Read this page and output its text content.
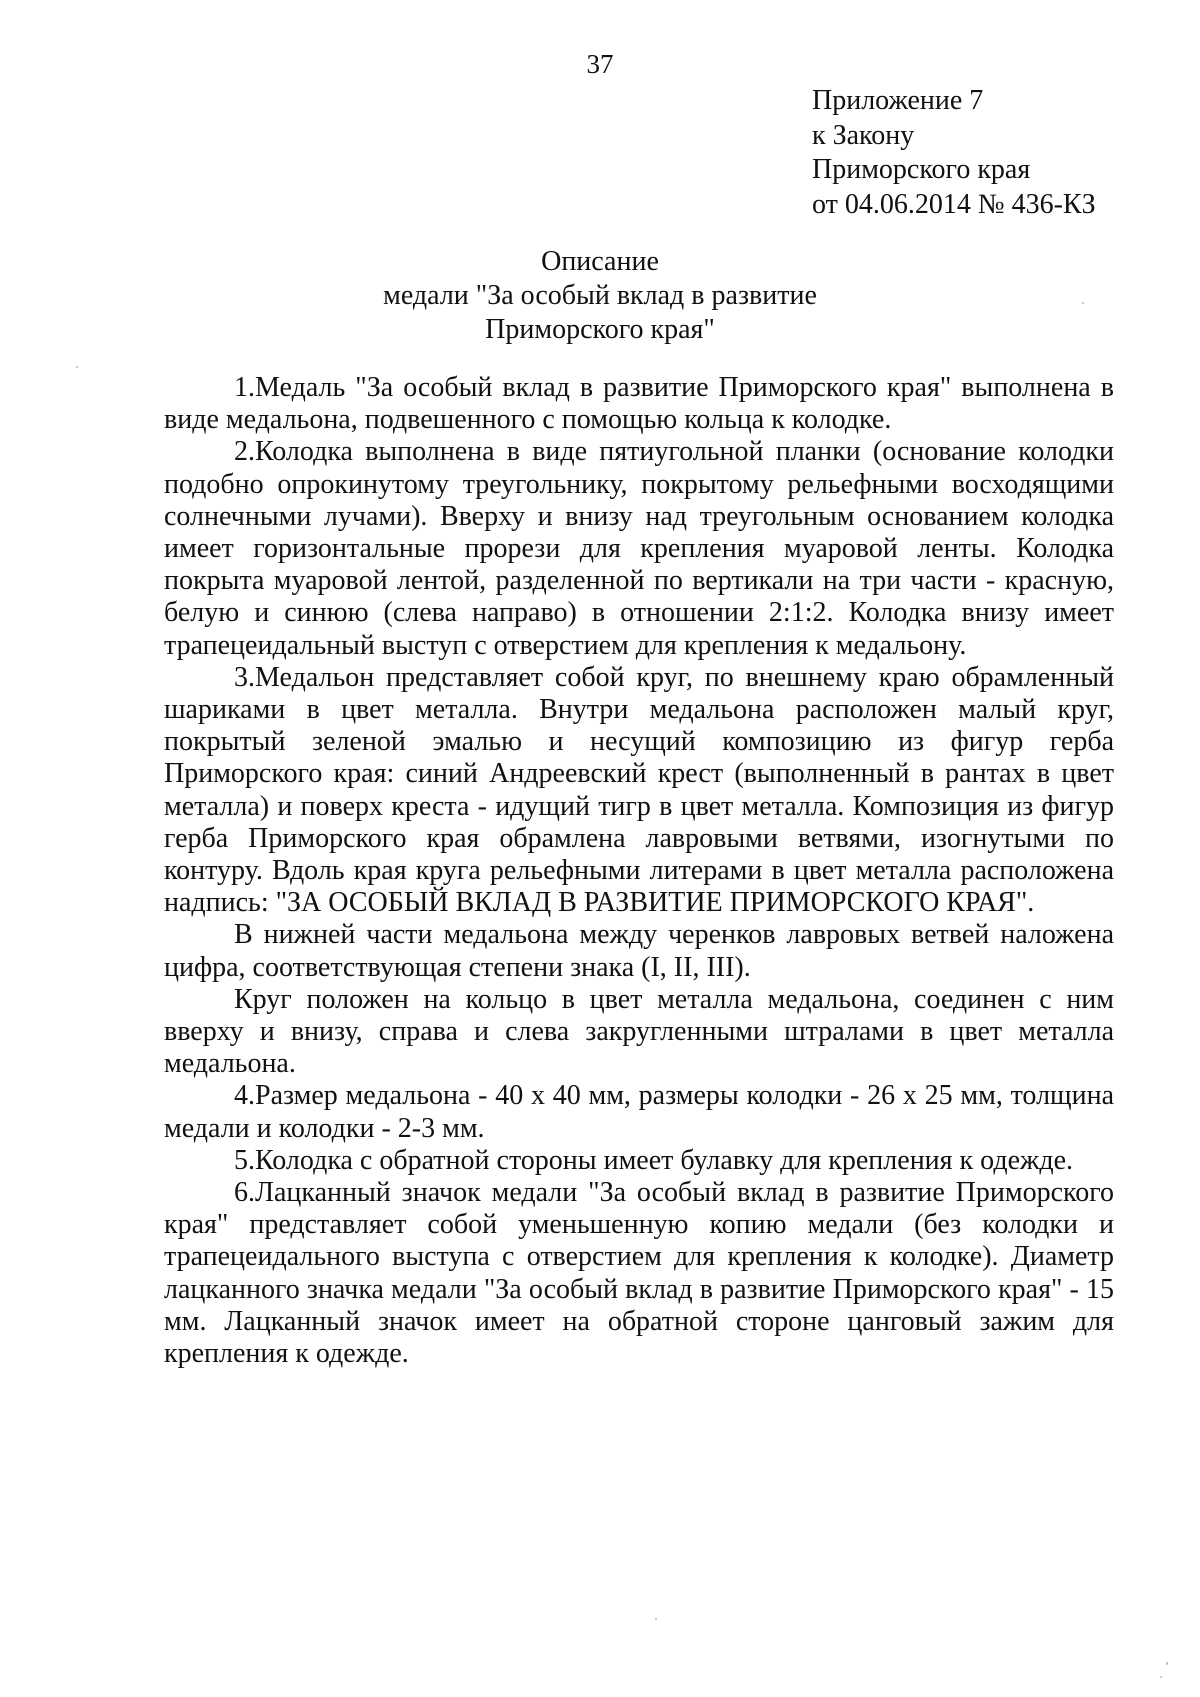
37
Приложение 7
к Закону
Приморского края
от 04.06.2014 № 436-КЗ
Описание
медали "За особый вклад в развитие
Приморского края"

1.Медаль "За особый вклад в развитие Приморского края" выполнена в виде медальона, подвешенного с помощью кольца к колодке.

2.Колодка выполнена в виде пятиугольной планки (основание колодки подобно опрокинутому треугольнику, покрытому рельефными восходящими солнечными лучами). Вверху и внизу над треугольным основанием колодка имеет горизонтальные прорези для крепления муаровой ленты. Колодка покрыта муаровой лентой, разделенной по вертикали на три части - красную, белую и синюю (слева направо) в отношении 2:1:2. Колодка внизу имеет трапецеидальный выступ с отверстием для крепления к медальону.

3.Медальон представляет собой круг, по внешнему краю обрамленный шариками в цвет металла. Внутри медальона расположен малый круг, покрытый зеленой эмалью и несущий композицию из фигур герба Приморского края: синий Андреевский крест (выполненный в рантах в цвет металла) и поверх креста - идущий тигр в цвет металла. Композиция из фигур герба Приморского края обрамлена лавровыми ветвями, изогнутыми по контуру. Вдоль края круга рельефными литерами в цвет металла расположена надпись: "ЗА ОСОБЫЙ ВКЛАД В РАЗВИТИЕ ПРИМОРСКОГО КРАЯ".

В нижней части медальона между черенков лавровых ветвей наложена цифра, соответствующая степени знака (I, II, III).

Круг положен на кольцо в цвет металла медальона, соединен с ним вверху и внизу, справа и слева закругленными штралами в цвет металла медальона.

4.Размер медальона - 40 х 40 мм, размеры колодки - 26 х 25 мм, толщина медали и колодки - 2-3 мм.

5.Колодка с обратной стороны имеет булавку для крепления к одежде.

6.Лацканный значок медали "За особый вклад в развитие Приморского края" представляет собой уменьшенную копию медали (без колодки и трапецеидального выступа с отверстием для крепления к колодке). Диаметр лацканного значка медали "За особый вклад в развитие Приморского края" - 15 мм. Лацканный значок имеет на обратной стороне цанговый зажим для крепления к одежде.
